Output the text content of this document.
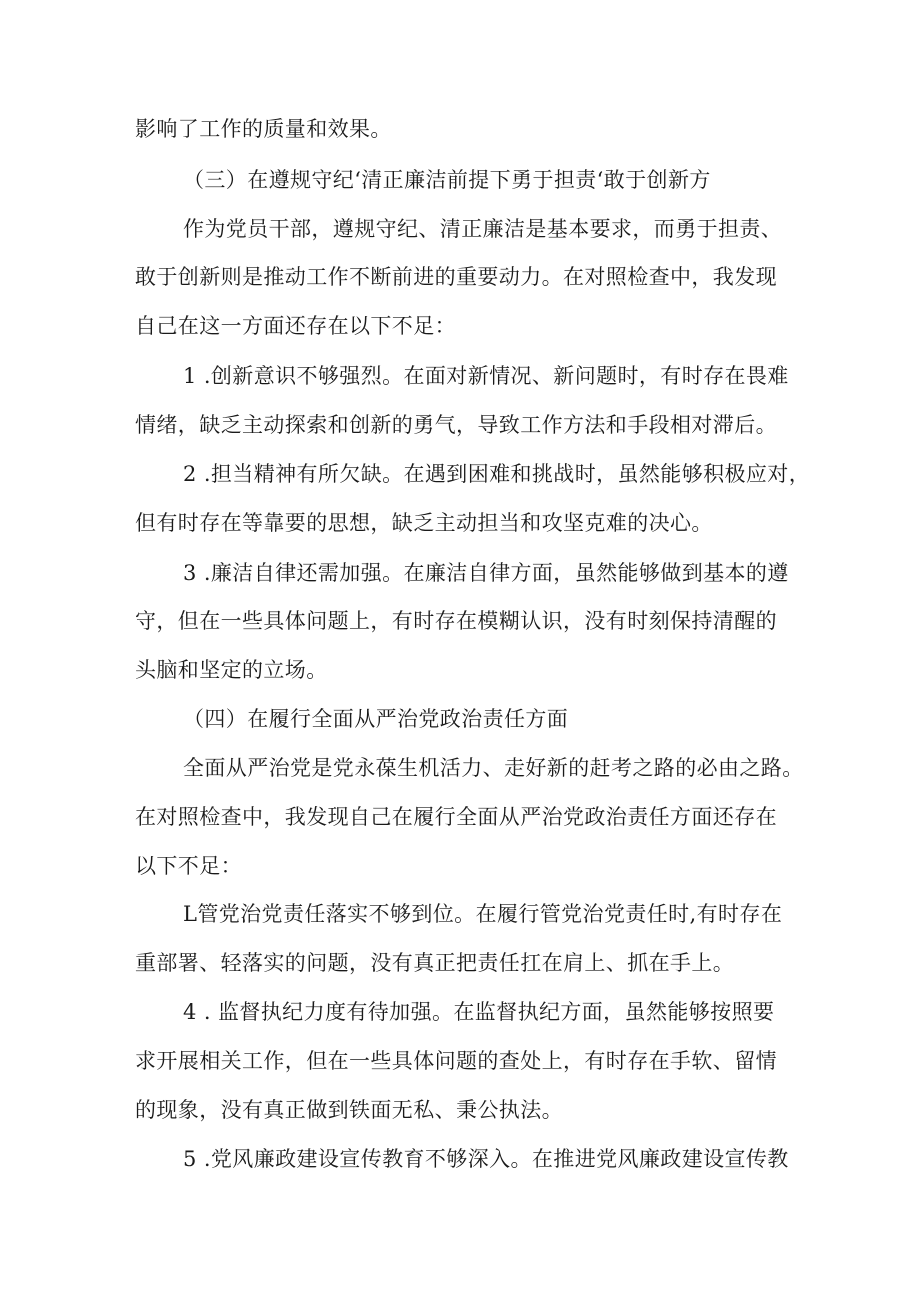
影响了工作的质量和效果。
（三）在遵规守纪‘清正廉洁前提下勇于担责‘敢于创新方
作为党员干部，遵规守纪、清正廉洁是基本要求，而勇于担责、
敢于创新则是推动工作不断前进的重要动力。在对照检查中，我发现
自己在这一方面还存在以下不足：
1 .创新意识不够强烈。在面对新情况、新问题时，有时存在畏难
情绪，缺乏主动探索和创新的勇气，导致工作方法和手段相对滞后。
2 .担当精神有所欠缺。在遇到困难和挑战时，虽然能够积极应对，
但有时存在等靠要的思想，缺乏主动担当和攻坚克难的决心。
3 .廉洁自律还需加强。在廉洁自律方面，虽然能够做到基本的遵
守，但在一些具体问题上，有时存在模糊认识，没有时刻保持清醒的
头脑和坚定的立场。
（四）在履行全面从严治党政治责任方面
全面从严治党是党永葆生机活力、走好新的赶考之路的必由之路。
在对照检查中，我发现自己在履行全面从严治党政治责任方面还存在
以下不足：
L管党治党责任落实不够到位。在履行管党治党责任时,有时存在
重部署、轻落实的问题，没有真正把责任扛在肩上、抓在手上。
4 . 监督执纪力度有待加强。在监督执纪方面，虽然能够按照要
求开展相关工作，但在一些具体问题的查处上，有时存在手软、留情
的现象，没有真正做到铁面无私、秉公执法。
5 .党风廉政建设宣传教育不够深入。在推进党风廉政建设宣传教
